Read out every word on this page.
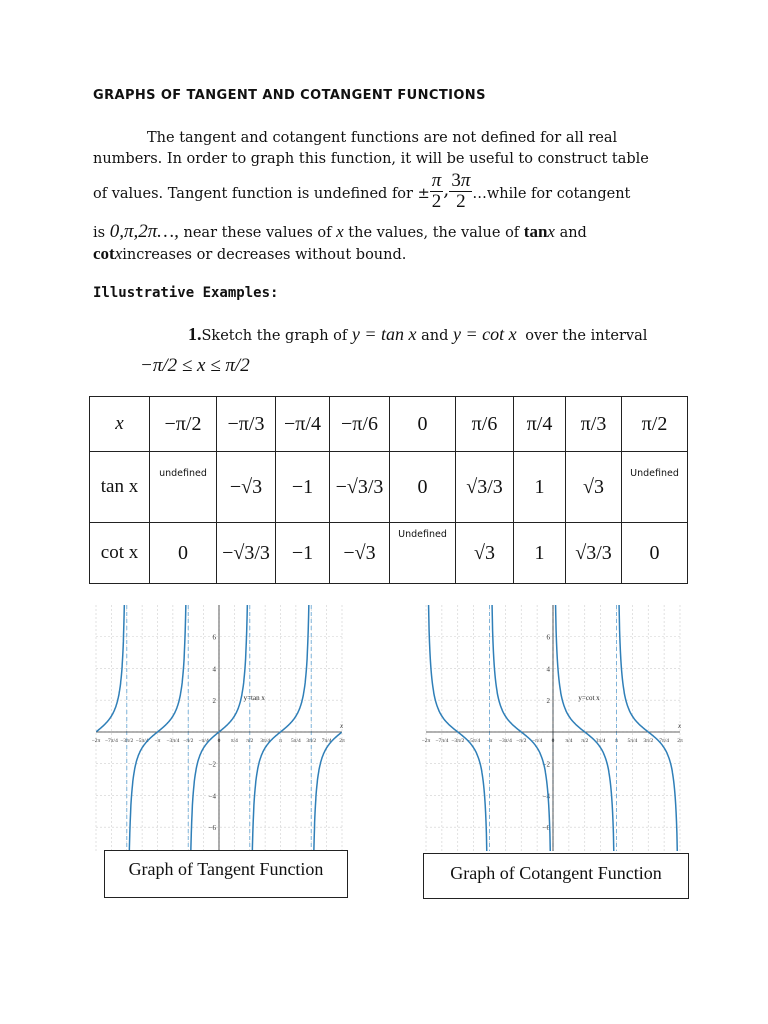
GRAPHS OF TANGENT AND COTANGENT FUNCTIONS
The tangent and cotangent functions are not defined for all real
numbers. In order to graph this function, it will be useful to construct table
of values. Tangent function is undefined for ± $\frac{\pi}{2}$ , $\frac{3\pi}{2}$ …while for cotangent
is 0,π,2π…, near these values of x the values, the value of tanx and
cotxincreases or decreases without bound.
Illustrative Examples:
1.Sketch the graph of y = tan x and y = cot x over the interval
−π/2 ≤ x ≤ π/2
x	−π/2	−π/3	−π/4	−π/6	0	π/6	π/4	π/3	π/2
tan x	undefined	−√3	−1	−√3/3	0	√3/3	1	√3	Undefined
cot x	0	−√3/3	−1	−√3	Undefined	√3	1	√3/3	0
6
4
2
−2
−4
−6
−2π −7π/4 −3π/2 −5π/4 −π −3π/4 −π/2 −π/4 0 π/4 π/2 3π/4 π 5π/4 3π/2 7π/4 2π
x
y=tan x
6
4
2
−2
−4
−6
−2π −7π/4 −3π/2 −5π/4 −π −3π/4 −π/2 −π/4 0 π/4 π/2 3π/4 π 5π/4 3π/2 7π/4 2π
x
y=cot x
Graph of Tangent Function	Graph of Cotangent Function
